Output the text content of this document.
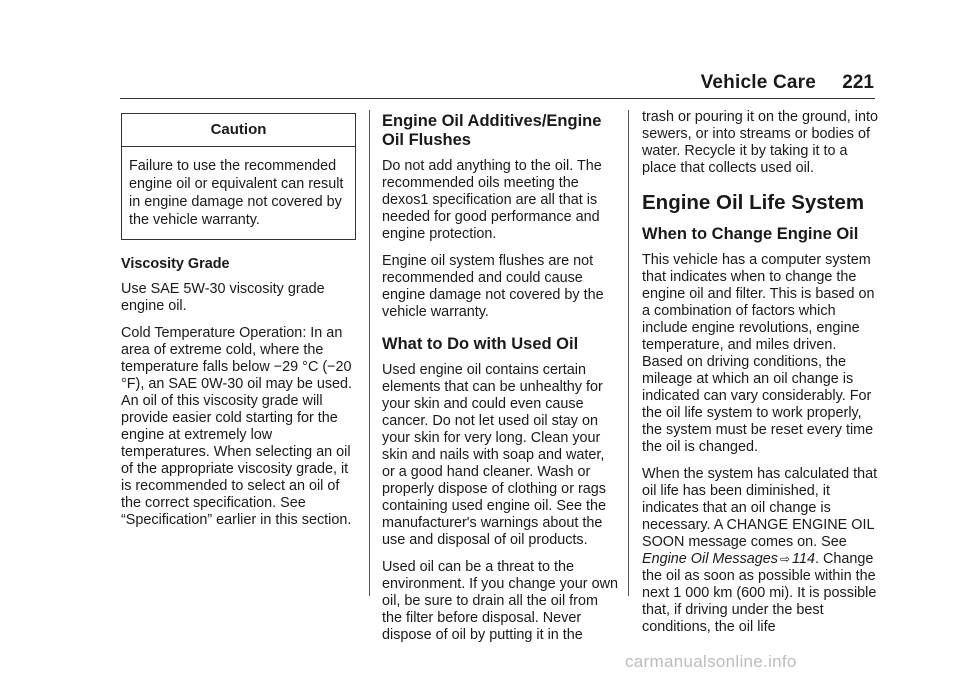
Vehicle Care 221
Caution
Failure to use the recommended engine oil or equivalent can result in engine damage not covered by the vehicle warranty.

Viscosity Grade

Use SAE 5W-30 viscosity grade engine oil.

Cold Temperature Operation: In an area of extreme cold, where the temperature falls below −29 °C (−20 °F), an SAE 0W-30 oil may be used. An oil of this viscosity grade will provide easier cold starting for the engine at extremely low temperatures. When selecting an oil of the appropriate viscosity grade, it is recommended to select an oil of the correct specification. See “Specification” earlier in this section.

Engine Oil Additives/Engine Oil Flushes

Do not add anything to the oil. The recommended oils meeting the dexos1 specification are all that is needed for good performance and engine protection.

Engine oil system flushes are not recommended and could cause engine damage not covered by the vehicle warranty.

What to Do with Used Oil

Used engine oil contains certain elements that can be unhealthy for your skin and could even cause cancer. Do not let used oil stay on your skin for very long. Clean your skin and nails with soap and water, or a good hand cleaner. Wash or properly dispose of clothing or rags containing used engine oil. See the manufacturer's warnings about the use and disposal of oil products.

Used oil can be a threat to the environment. If you change your own oil, be sure to drain all the oil from the filter before disposal. Never dispose of oil by putting it in the

trash or pouring it on the ground, into sewers, or into streams or bodies of water. Recycle it by taking it to a place that collects used oil.

Engine Oil Life System
When to Change Engine Oil

This vehicle has a computer system that indicates when to change the engine oil and filter. This is based on a combination of factors which include engine revolutions, engine temperature, and miles driven. Based on driving conditions, the mileage at which an oil change is indicated can vary considerably. For the oil life system to work properly, the system must be reset every time the oil is changed.

When the system has calculated that oil life has been diminished, it indicates that an oil change is necessary. A CHANGE ENGINE OIL SOON message comes on. See Engine Oil Messages ⇨ 114. Change the oil as soon as possible within the next 1 000 km (600 mi). It is possible that, if driving under the best conditions, the oil life

carmanualsonline.info
